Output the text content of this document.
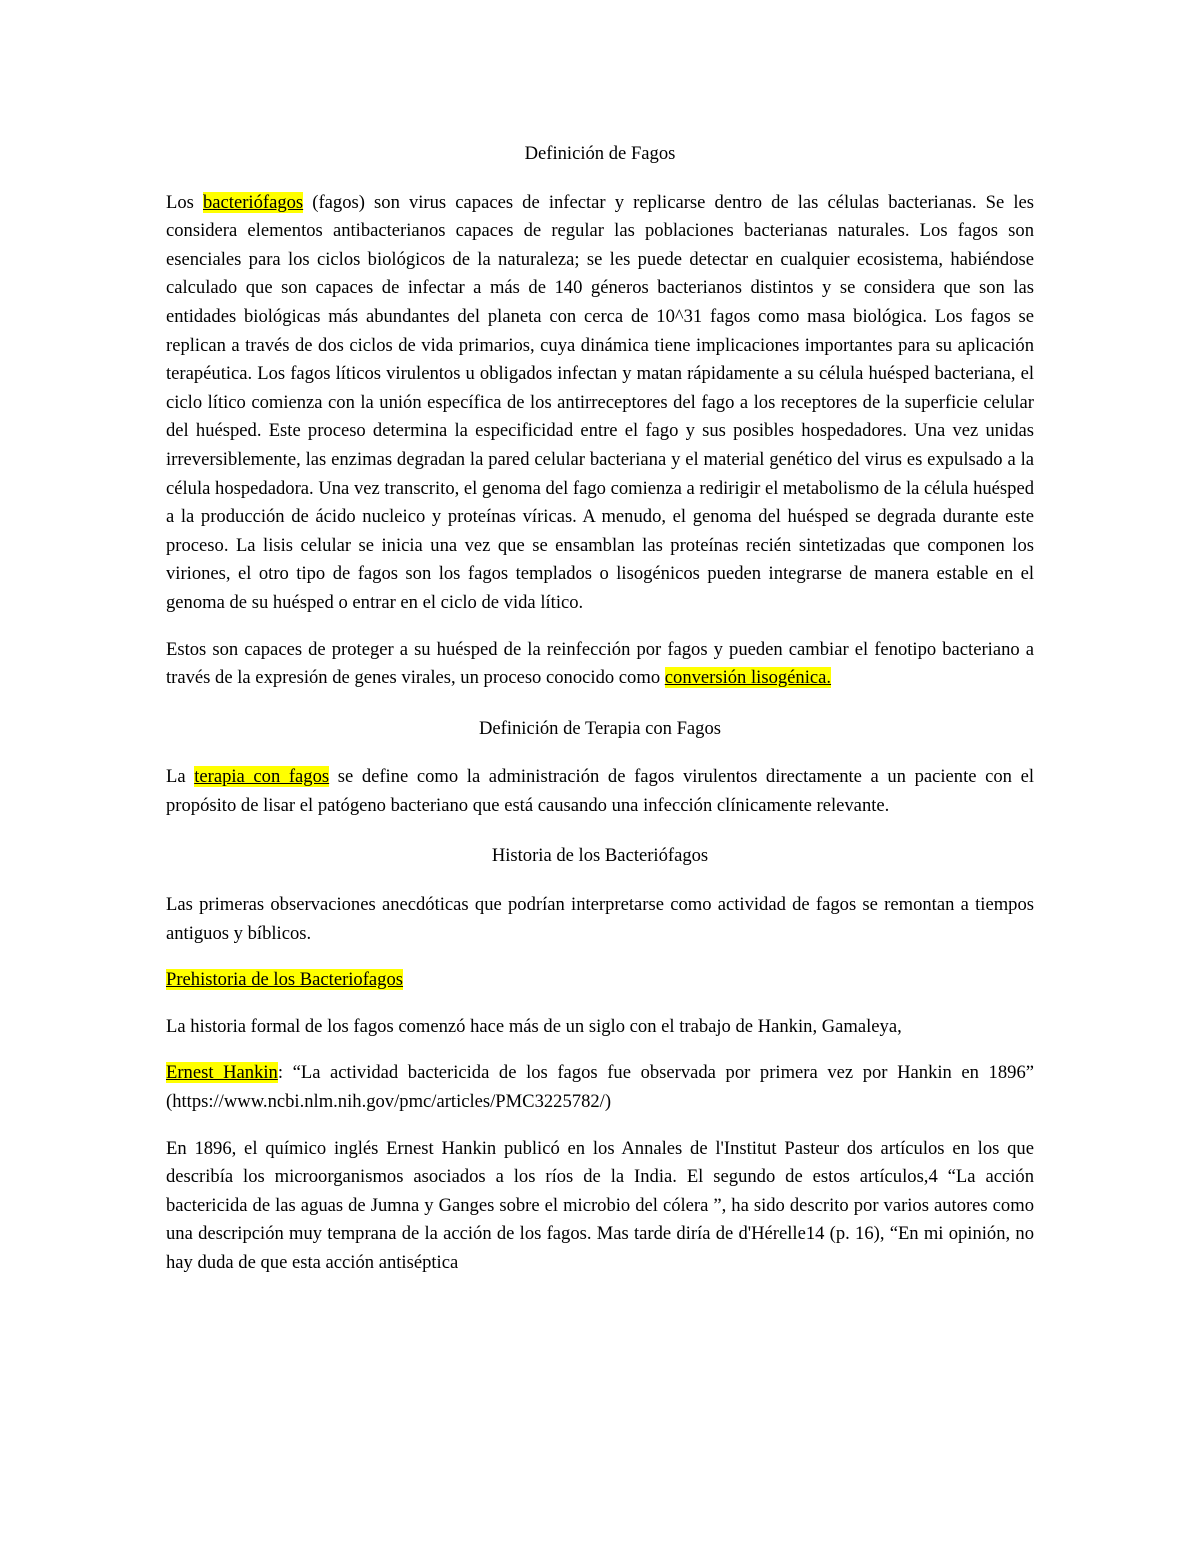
Definición de Fagos

Los bacteriófagos (fagos) son virus capaces de infectar y replicarse dentro de las células bacterianas. Se les considera elementos antibacterianos capaces de regular las poblaciones bacterianas naturales. Los fagos son esenciales para los ciclos biológicos de la naturaleza; se les puede detectar en cualquier ecosistema, habiéndose calculado que son capaces de infectar a más de 140 géneros bacterianos distintos y se considera que son las entidades biológicas más abundantes del planeta con cerca de 10^31 fagos como masa biológica. Los fagos se replican a través de dos ciclos de vida primarios, cuya dinámica tiene implicaciones importantes para su aplicación terapéutica. Los fagos líticos virulentos u obligados infectan y matan rápidamente a su célula huésped bacteriana, el ciclo lítico comienza con la unión específica de los antirreceptores del fago a los receptores de la superficie celular del huésped. Este proceso determina la especificidad entre el fago y sus posibles hospedadores. Una vez unidas irreversiblemente, las enzimas degradan la pared celular bacteriana y el material genético del virus es expulsado a la célula hospedadora. Una vez transcrito, el genoma del fago comienza a redirigir el metabolismo de la célula huésped a la producción de ácido nucleico y proteínas víricas. A menudo, el genoma del huésped se degrada durante este proceso. La lisis celular se inicia una vez que se ensamblan las proteínas recién sintetizadas que componen los viriones, el otro tipo de fagos son los fagos templados o lisogénicos pueden integrarse de manera estable en el genoma de su huésped o entrar en el ciclo de vida lítico.

Estos son capaces de proteger a su huésped de la reinfección por fagos y pueden cambiar el fenotipo bacteriano a través de la expresión de genes virales, un proceso conocido como conversión lisogénica.

Definición de Terapia con Fagos

La terapia con fagos se define como la administración de fagos virulentos directamente a un paciente con el propósito de lisar el patógeno bacteriano que está causando una infección clínicamente relevante.

Historia de los Bacteriófagos

Las primeras observaciones anecdóticas que podrían interpretarse como actividad de fagos se remontan a tiempos antiguos y bíblicos.

Prehistoria de los Bacteriofagos

La historia formal de los fagos comenzó hace más de un siglo con el trabajo de Hankin, Gamaleya,

Ernest Hankin: “La actividad bactericida de los fagos fue observada por primera vez por Hankin en 1896” (https://www.ncbi.nlm.nih.gov/pmc/articles/PMC3225782/)

En 1896, el químico inglés Ernest Hankin publicó en los Annales de l'Institut Pasteur dos artículos en los que describía los microorganismos asociados a los ríos de la India. El segundo de estos artículos,4 “La acción bactericida de las aguas de Jumna y Ganges sobre el microbio del cólera ”, ha sido descrito por varios autores como una descripción muy temprana de la acción de los fagos. Mas tarde diría de d'Hérelle14 (p. 16), “En mi opinión, no hay duda de que esta acción antiséptica
